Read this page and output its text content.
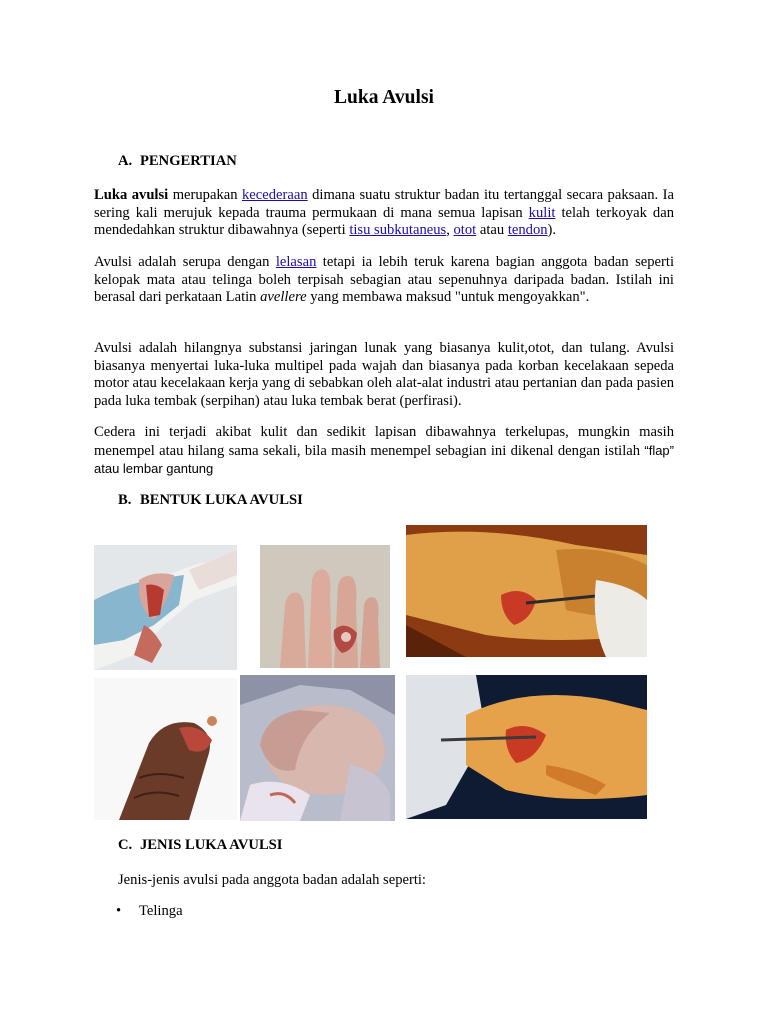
Luka Avulsi
A. PENGERTIAN

Luka avulsi merupakan kecederaan dimana suatu struktur badan itu tertanggal secara paksaan. Ia sering kali merujuk kepada trauma permukaan di mana semua lapisan kulit telah terkoyak dan mendedahkan struktur dibawahnya (seperti tisu subkutaneus, otot atau tendon).

Avulsi adalah serupa dengan lelasan tetapi ia lebih teruk karena bagian anggota badan seperti kelopak mata atau telinga boleh terpisah sebagian atau sepenuhnya daripada badan. Istilah ini berasal dari perkataan Latin avellere yang membawa maksud "untuk mengoyakkan".

Avulsi adalah hilangnya substansi jaringan lunak yang biasanya kulit,otot, dan tulang. Avulsi biasanya menyertai luka-luka multipel pada wajah dan biasanya pada korban kecelakaan sepeda motor atau kecelakaan kerja yang di sebabkan oleh alat-alat industri atau pertanian dan pada pasien pada luka tembak (serpihan) atau luka tembak berat (perfirasi).

Cedera ini terjadi akibat kulit dan sedikit lapisan dibawahnya terkelupas, mungkin masih menempel atau hilang sama sekali, bila masih menempel sebagian ini dikenal dengan istilah “flap” atau lembar gantung

B. BENTUK LUKA AVULSI
C. JENIS LUKA AVULSI

Jenis-jenis avulsi pada anggota badan adalah seperti:

• Telinga
